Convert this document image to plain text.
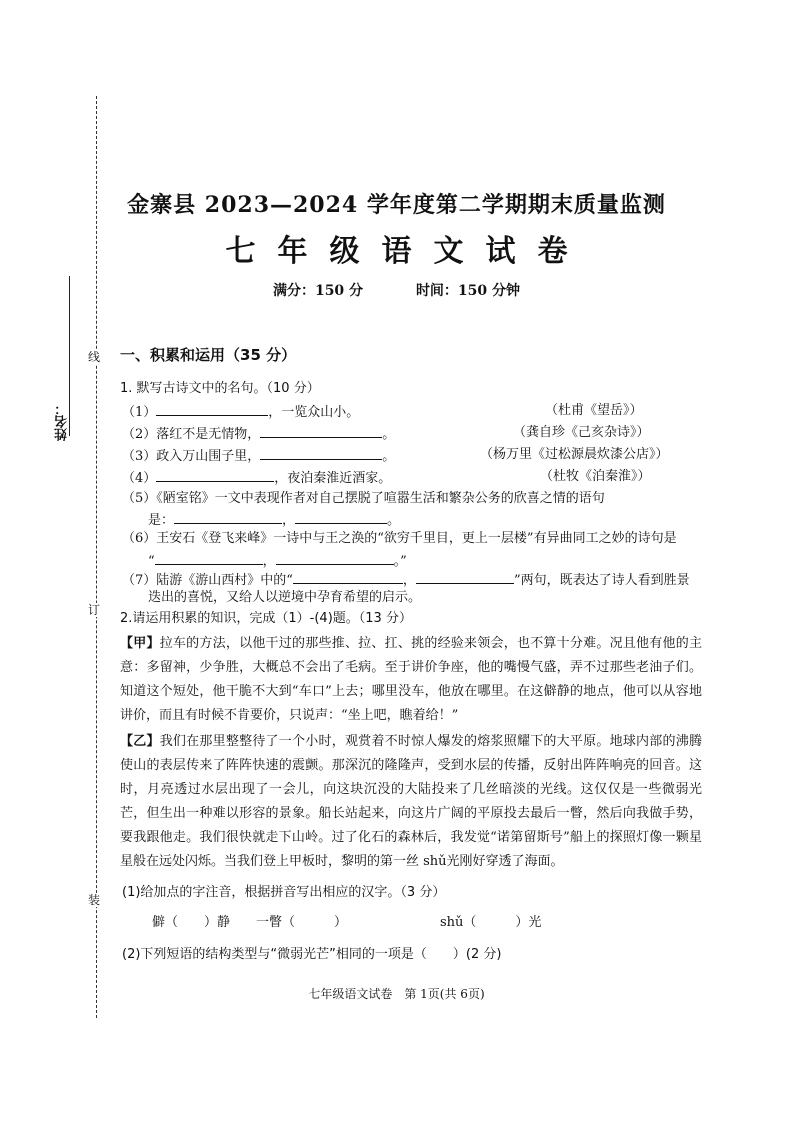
线
订
装
姓名：
金寨县 2023—2024 学年度第二学期期末质量监测
七年级语文试卷
满分：150 分	时间：150 分钟
一、积累和运用（35 分）
1. 默写古诗文中的名句。（10 分）
（1）	，一览众山小。	（杜甫《望岳》）
（2）落红不是无情物，	。	（龚自珍《己亥杂诗》）
（3）政入万山围子里，	。	（杨万里《过松源晨炊漆公店》）
（4）	，夜泊秦淮近酒家。	（杜牧《泊秦淮》）
（5）《陋室铭》一文中表现作者对自己摆脱了喧嚣生活和繁杂公务的欣喜之情的语句
是：	，	。
（6）王安石《登飞来峰》一诗中与王之涣的“欲穷千里目，更上一层楼”有异曲同工之妙的诗句是
“	，	。”
（7）陆游《游山西村》中的“	，	”两句，既表达了诗人看到胜景
迭出的喜悦，又给人以逆境中孕育希望的启示。
2.请运用积累的知识，完成（1）-(4)题。（13 分）
【甲】拉车的方法，以他干过的那些推、拉、扛、挑的经验来领会，也不算十分难。况且他有他的主意：多留神，少争胜，大概总不会出了毛病。至于讲价争座，他的嘴慢气盛，弄不过那些老油子们。知道这个短处，他干脆不大到“车口”上去；哪里没车，他放在哪里。在这僻静的地点，他可以从容地讲价，而且有时候不肯要价，只说声：“坐上吧，瞧着给！”
【乙】我们在那里整整待了一个小时，观赏着不时惊人爆发的熔浆照耀下的大平原。地球内部的沸腾使山的表层传来了阵阵快速的震颤。那深沉的隆隆声，受到水层的传播，反射出阵阵响亮的回音。这时，月亮透过水层出现了一会儿，向这块沉没的大陆投来了几丝暗淡的光线。这仅仅是一些微弱光芒，但生出一种难以形容的景象。船长站起来，向这片广阔的平原投去最后一瞥，然后向我做手势，要我跟他走。我们很快就走下山岭。过了化石的森林后，我发觉“诺第留斯号”船上的探照灯像一颗星星般在远处闪烁。当我们登上甲板时，黎明的第一丝 shǔ光刚好穿透了海面。
(1)给加点的字注音，根据拼音写出相应的汉字。（3 分）
僻（　　）静 一瞥（　　　）	shǔ（　　　）光
(2)下列短语的结构类型与“微弱光芒”相同的一项是（　　）(2 分)
七年级语文试卷　第 1页(共 6页)
